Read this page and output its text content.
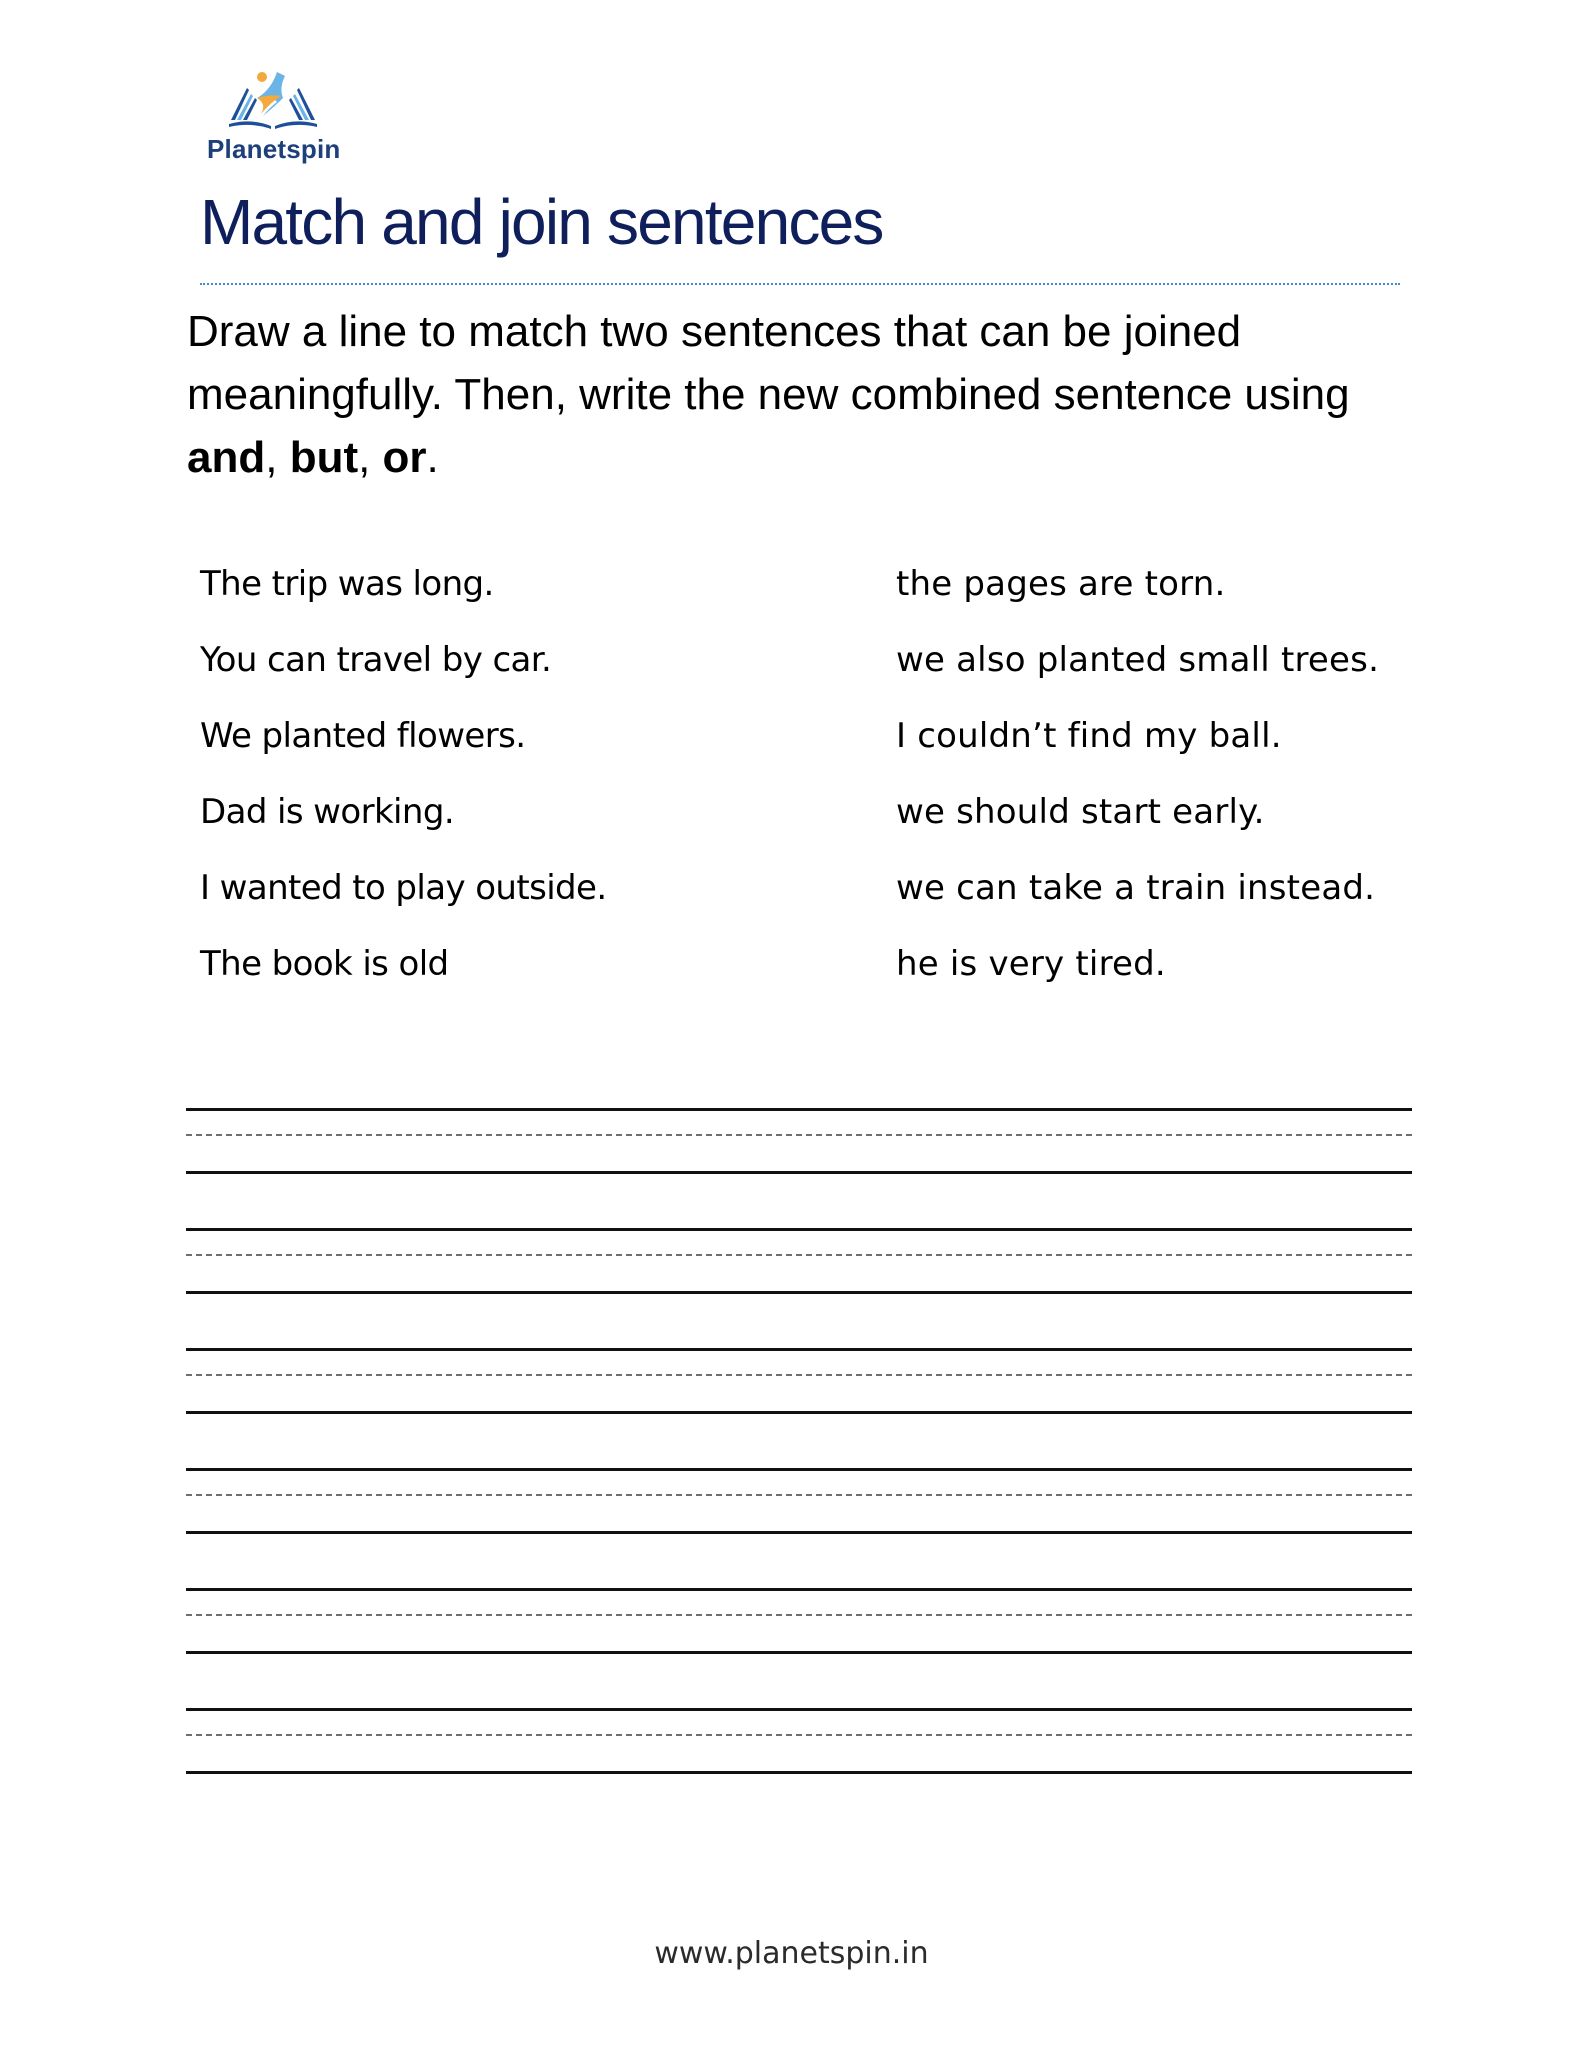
Planetspin
Match and join sentences
Draw a line to match two sentences that can be joined meaningfully. Then, write the new combined sentence using and, but, or.
The trip was long.
You can travel by car.
We planted flowers.
Dad is working.
I wanted to play outside.
The book is old
the pages are torn.
we also planted small trees.
I couldn’t find my ball.
we should start early.
we can take a train instead.
he is very tired.
www.planetspin.in
